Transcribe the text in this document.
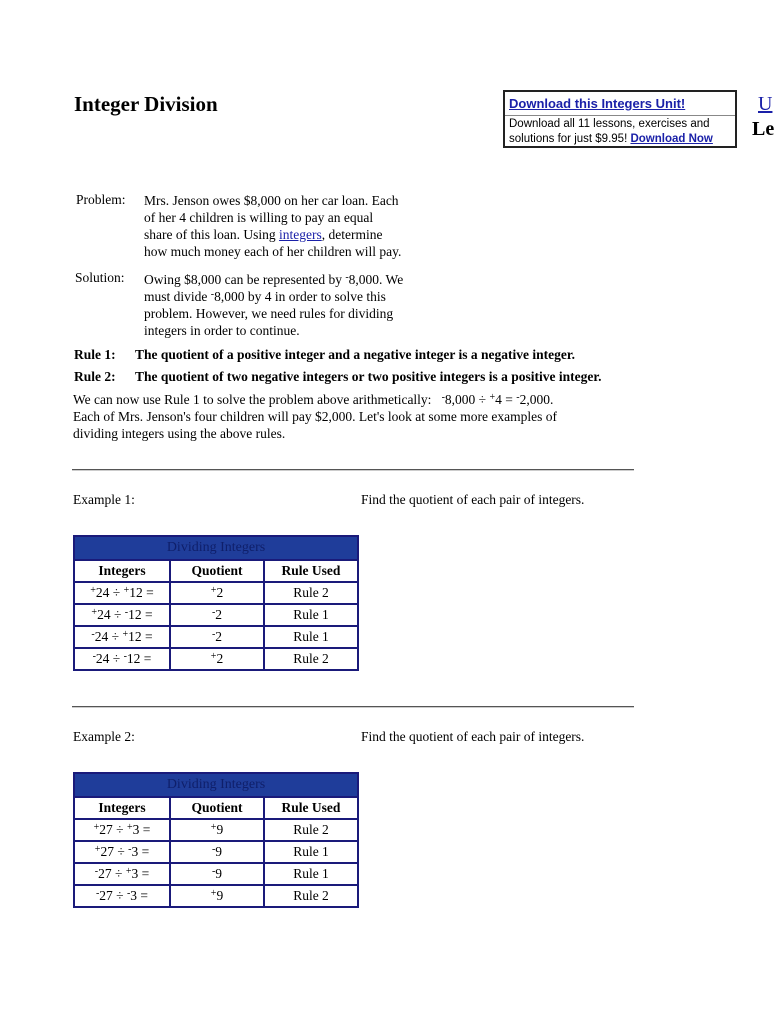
Integer Division	Download this Integers Unit!
Download all 11 lessons, exercises and
solutions for just $9.95! Download Now
U
Le
Problem: Mrs. Jenson owes $8,000 on her car loan. Each
of her 4 children is willing to pay an equal
share of this loan. Using integers, determine
how much money each of her children will pay.
Solution: Owing $8,000 can be represented by -8,000. We
must divide -8,000 by 4 in order to solve this
problem. However, we need rules for dividing
integers in order to continue.
Rule 1: The quotient of a positive integer and a negative integer is a negative integer.
Rule 2: The quotient of two negative integers or two positive integers is a positive integer.
We can now use Rule 1 to solve the problem above arithmetically: -8,000 ÷ +4 = -2,000.
Each of Mrs. Jenson's four children will pay $2,000. Let's look at some more examples of
dividing integers using the above rules.
Example 1:	Find the quotient of each pair of integers.
Dividing Integers		
Integers	Quotient	Rule Used
+24 ÷ +12 =	+2	Rule 2
+24 ÷ -12 =	-2	Rule 1
-24 ÷ +12 =	-2	Rule 1
-24 ÷ -12 =	+2	Rule 2
Example 2:	Find the quotient of each pair of integers.
Dividing Integers		
Integers	Quotient	Rule Used
+27 ÷ +3 =	+9	Rule 2
+27 ÷ -3 =	-9	Rule 1
-27 ÷ +3 =	-9	Rule 1
-27 ÷ -3 =	+9	Rule 2
